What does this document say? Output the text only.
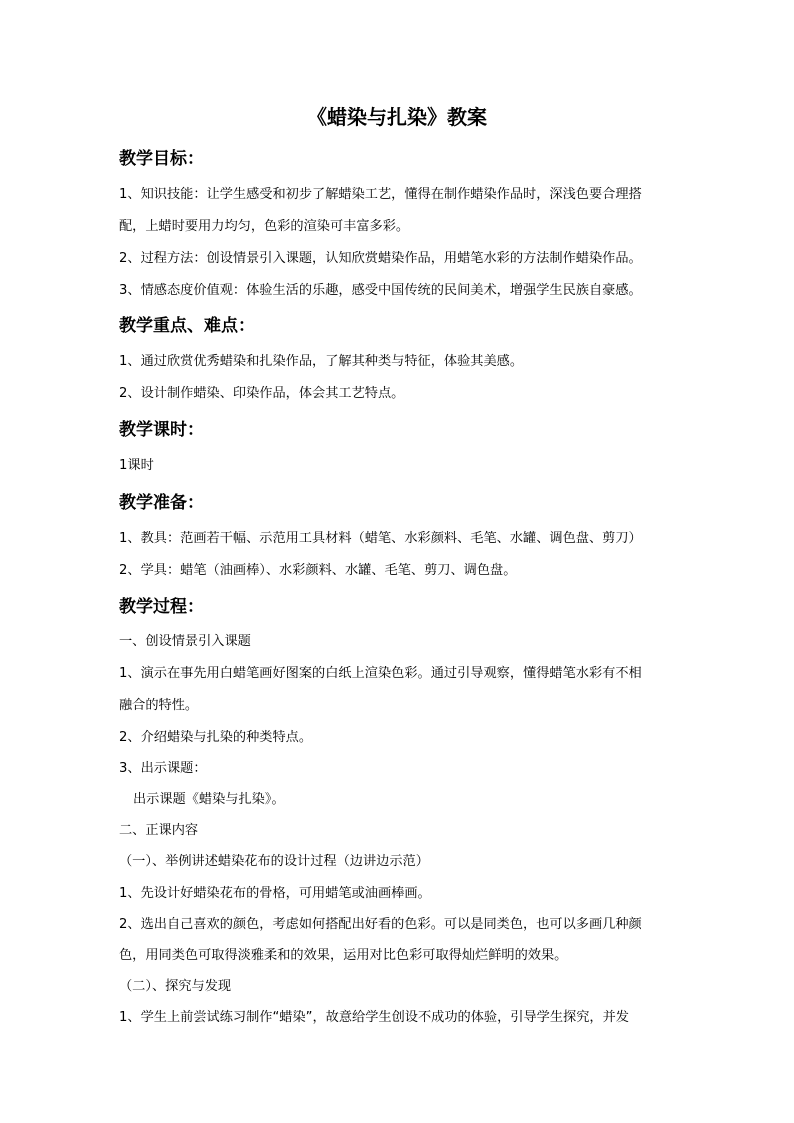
《蜡染与扎染》教案
教学目标：
1、知识技能：让学生感受和初步了解蜡染工艺，懂得在制作蜡染作品时，深浅色要合理搭
配，上蜡时要用力均匀，色彩的渲染可丰富多彩。
2、过程方法：创设情景引入课题，认知欣赏蜡染作品，用蜡笔水彩的方法制作蜡染作品。
3、情感态度价值观：体验生活的乐趣，感受中国传统的民间美术，增强学生民族自豪感。
教学重点、难点：
1、通过欣赏优秀蜡染和扎染作品，了解其种类与特征，体验其美感。
2、设计制作蜡染、印染作品，体会其工艺特点。
教学课时：
1课时
教学准备：
1、教具：范画若干幅、示范用工具材料（蜡笔、水彩颜料、毛笔、水罐、调色盘、剪刀）
2、学具：蜡笔（油画棒）、水彩颜料、水罐、毛笔、剪刀、调色盘。
教学过程：
一、创设情景引入课题
1、演示在事先用白蜡笔画好图案的白纸上渲染色彩。通过引导观察，懂得蜡笔水彩有不相
融合的特性。
2、介绍蜡染与扎染的种类特点。
3、出示课题：
出示课题《蜡染与扎染》。
二、正课内容
（一）、举例讲述蜡染花布的设计过程（边讲边示范）
1、先设计好蜡染花布的骨格，可用蜡笔或油画棒画。
2、选出自己喜欢的颜色，考虑如何搭配出好看的色彩。可以是同类色，也可以多画几种颜
色，用同类色可取得淡雅柔和的效果，运用对比色彩可取得灿烂鲜明的效果。
（二）、探究与发现
1、学生上前尝试练习制作“蜡染”，故意给学生创设不成功的体验，引导学生探究，并发
